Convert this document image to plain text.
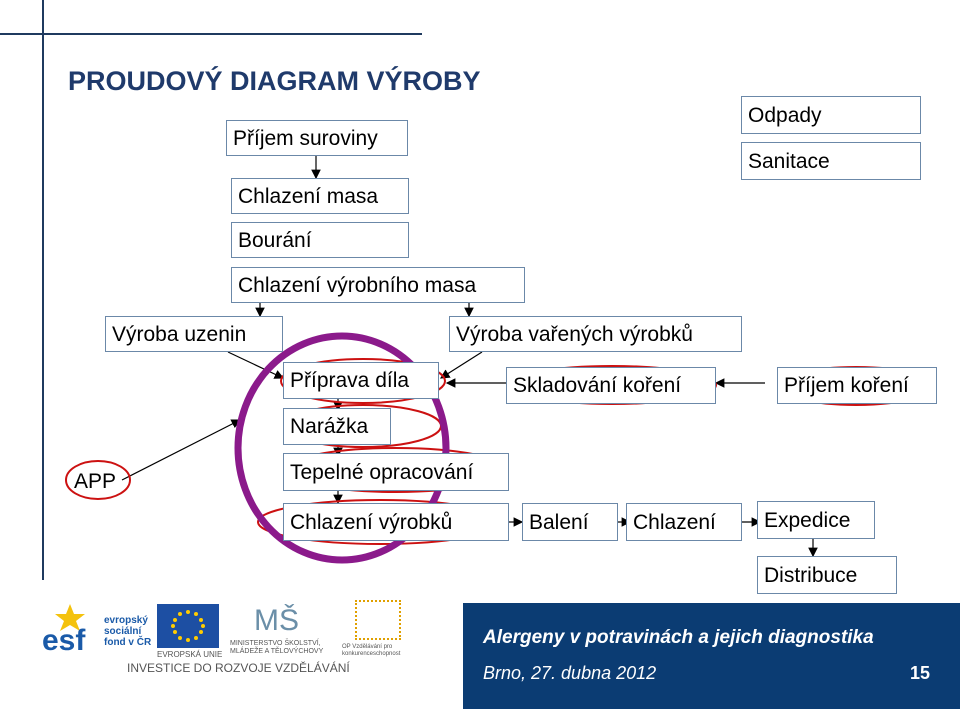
PROUDOVÝ DIAGRAM VÝROBY
Příjem suroviny
Chlazení masa
Bourání
Chlazení výrobního masa
Výroba uzenin	Výroba vařených výrobků
Příprava díla
Narážka
Tepelné opracování
Chlazení výrobků	Balení Chlazení Expedice
Distribuce
Skladování koření	Příjem koření
Odpady
Sanitace
APP
esf
evropský sociální fond v ČR
EVROPSKÁ UNIE
MŠ
MINISTERSTVO ŠKOLSTVÍ, MLÁDEŽE A TĚLOVÝCHOVY
OP Vzdělávání pro konkurenceschopnost
INVESTICE DO ROZVOJE VZDĚLÁVÁNÍ
Alergeny v potravinách a jejich diagnostika
Brno, 27. dubna 2012	15
